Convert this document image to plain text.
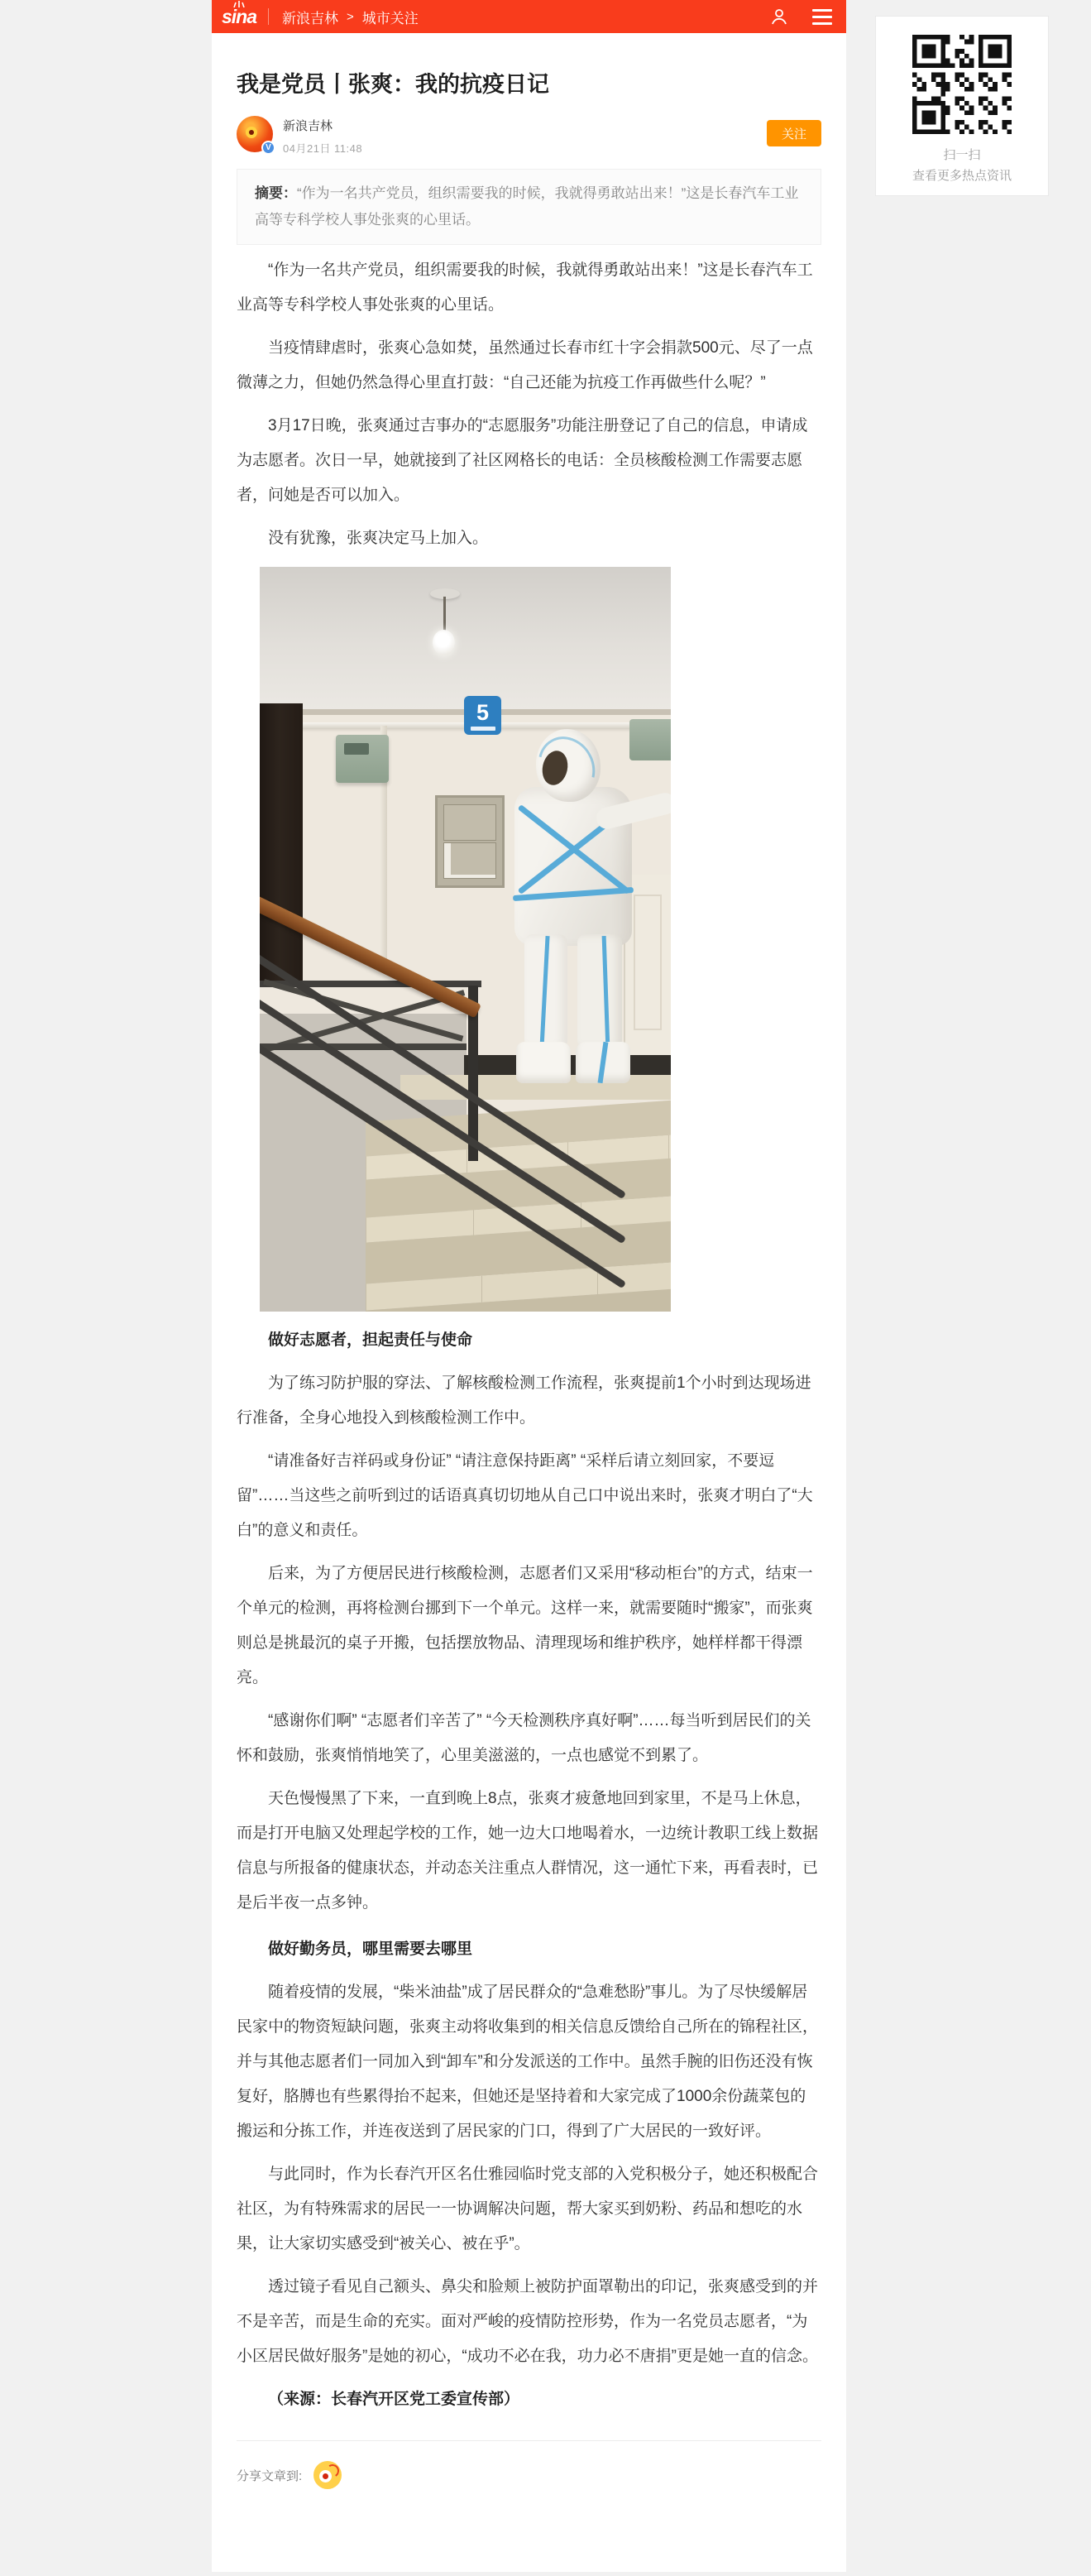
sina 新浪吉林 > 城市关注
我是党员丨张爽：我的抗疫日记
V
新浪吉林
04月21日 11:48
关注
摘要：“作为一名共产党员，组织需要我的时候，我就得勇敢站出来！”这是长春汽车工业高等专科学校人事处张爽的心里话。

“作为一名共产党员，组织需要我的时候，我就得勇敢站出来！”这是长春汽车工业高等专科学校人事处张爽的心里话。

当疫情肆虐时，张爽心急如焚，虽然通过长春市红十字会捐款500元、尽了一点微薄之力，但她仍然急得心里直打鼓：“自己还能为抗疫工作再做些什么呢？”

3月17日晚，张爽通过吉事办的“志愿服务”功能注册登记了自己的信息，申请成为志愿者。次日一早，她就接到了社区网格长的电话：全员核酸检测工作需要志愿者，问她是否可以加入。

没有犹豫，张爽决定马上加入。

5
做好志愿者，担起责任与使命

为了练习防护服的穿法、了解核酸检测工作流程，张爽提前1个小时到达现场进行准备，全身心地投入到核酸检测工作中。

“请准备好吉祥码或身份证” “请注意保持距离” “采样后请立刻回家，不要逗留”……当这些之前听到过的话语真真切切地从自己口中说出来时，张爽才明白了“大白”的意义和责任。

后来，为了方便居民进行核酸检测，志愿者们又采用“移动柜台”的方式，结束一个单元的检测，再将检测台挪到下一个单元。这样一来，就需要随时“搬家”，而张爽则总是挑最沉的桌子开搬，包括摆放物品、清理现场和维护秩序，她样样都干得漂亮。

“感谢你们啊” “志愿者们辛苦了” “今天检测秩序真好啊”……每当听到居民们的关怀和鼓励，张爽悄悄地笑了，心里美滋滋的，一点也感觉不到累了。

天色慢慢黑了下来，一直到晚上8点，张爽才疲惫地回到家里，不是马上休息，而是打开电脑又处理起学校的工作，她一边大口地喝着水，一边统计教职工线上数据信息与所报备的健康状态，并动态关注重点人群情况，这一通忙下来，再看表时，已是后半夜一点多钟。

做好勤务员，哪里需要去哪里

随着疫情的发展，“柴米油盐”成了居民群众的“急难愁盼”事儿。为了尽快缓解居民家中的物资短缺问题，张爽主动将收集到的相关信息反馈给自己所在的锦程社区，并与其他志愿者们一同加入到“卸车”和分发派送的工作中。虽然手腕的旧伤还没有恢复好，胳膊也有些累得抬不起来，但她还是坚持着和大家完成了1000余份蔬菜包的搬运和分拣工作，并连夜送到了居民家的门口，得到了广大居民的一致好评。

与此同时，作为长春汽开区名仕雅园临时党支部的入党积极分子，她还积极配合社区，为有特殊需求的居民一一协调解决问题，帮大家买到奶粉、药品和想吃的水果，让大家切实感受到“被关心、被在乎”。

透过镜子看见自己额头、鼻尖和脸颊上被防护面罩勒出的印记，张爽感受到的并不是辛苦，而是生命的充实。面对严峻的疫情防控形势，作为一名党员志愿者，“为小区居民做好服务”是她的初心，“成功不必在我，功力必不唐捐”更是她一直的信念。

（来源：长春汽开区党工委宣传部）

分享文章到:
扫一扫
查看更多热点资讯
